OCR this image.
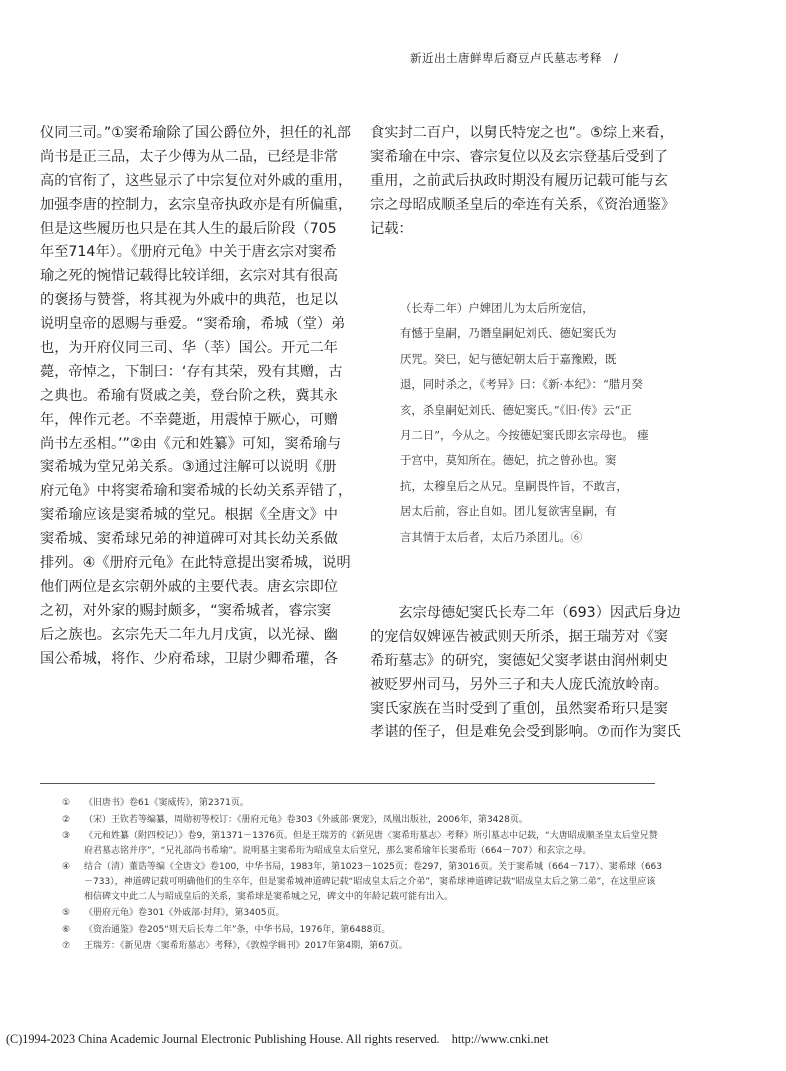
新近出土唐鲜卑后裔豆卢氏墓志考释　/
仪同三司。”①窦希瑜除了国公爵位外，担任的礼部
尚书是正三品，太子少傅为从二品，已经是非常
高的官衔了，这些显示了中宗复位对外戚的重用，
加强李唐的控制力，玄宗皇帝执政亦是有所偏重，
但是这些履历也只是在其人生的最后阶段（705
年至714年）。《册府元龟》中关于唐玄宗对窦希
瑜之死的惋惜记载得比较详细，玄宗对其有很高
的褒扬与赞誉，将其视为外戚中的典范，也足以
说明皇帝的恩赐与垂爱。“窦希瑜，希城（堂）弟
也，为开府仪同三司、华（莘）国公。开元二年
薨，帝悼之，下制曰：‘存有其荣，殁有其赠，古
之典也。希瑜有贤戚之美，登台阶之秩，冀其永
年，俾作元老。不幸薨逝，用震悼于厥心，可赠
尚书左丞相。’”②由《元和姓纂》可知，窦希瑜与
窦希城为堂兄弟关系。③通过注解可以说明《册
府元龟》中将窦希瑜和窦希城的长幼关系弄错了，
窦希瑜应该是窦希城的堂兄。根据《全唐文》中
窦希城、窦希球兄弟的神道碑可对其长幼关系做
排列。④《册府元龟》在此特意提出窦希城，说明
他们两位是玄宗朝外戚的主要代表。唐玄宗即位
之初，对外家的赐封颇多，“窦希城者，睿宗窦
后之族也。玄宗先天二年九月戊寅，以光禄、幽
国公希城，将作、少府希球，卫尉少卿希瓘，各
食实封二百户，以舅氏特宠之也”。⑤综上来看，
窦希瑜在中宗、睿宗复位以及玄宗登基后受到了
重用，之前武后执政时期没有履历记载可能与玄
宗之母昭成顺圣皇后的牵连有关系，《资治通鉴》
记载：
（长寿二年）户婢团儿为太后所宠信，
有憾于皇嗣，乃谮皇嗣妃刘氏、德妃窦氏为
厌咒。癸巳，妃与德妃朝太后于嘉豫殿，既
退，同时杀之，《考异》曰：《新·本纪》：“腊月癸
亥，杀皇嗣妃刘氏、德妃窦氏。”《旧·传》云“正
月二日”，今从之。今按德妃窦氏即玄宗母也。 瘗
于宫中，莫知所在。德妃，抗之曾孙也。窦
抗，太穆皇后之从兄。皇嗣畏忤旨，不敢言，
居太后前，容止自如。团儿复欲害皇嗣，有
言其情于太后者，太后乃杀团儿。⑥
　　玄宗母德妃窦氏长寿二年（693）因武后身边
的宠信奴婢诬告被武则天所杀，据王瑞芳对《窦
希珩墓志》的研究，窦德妃父窦孝谌由润州刺史
被贬罗州司马，另外三子和夫人庞氏流放岭南。
窦氏家族在当时受到了重创，虽然窦希珩只是窦
孝谌的侄子，但是难免会受到影响。⑦而作为窦氏
①	《旧唐书》卷61《窦威传》，第2371页。
②	（宋）王钦若等编纂，周勋初等校订：《册府元龟》卷303《外戚部·褒宠》，凤凰出版社，2006年，第3428页。
③	《元和姓纂（附四校记）》卷9，第1371－1376页。但是王瑞芳的《新见唐〈窦希珩墓志〉考释》所引墓志中记载，“大唐昭成顺圣皇太后堂兄赞府君墓志铭并序”，“兄礼部尚书希瑜”。说明墓主窦希珩为昭成皇太后堂兄，那么窦希瑜年长窦希珩（664－707）和玄宗之母。
④	结合（清）董诰等编《全唐文》卷100，中华书局，1983年，第1023－1025页；卷297，第3016页。关于窦希城（664－717）、窦希球（663－733），神道碑记载可明确他们的生卒年，但是窦希城神道碑记载“昭成皇太后之介弟”，窦希球神道碑记载“昭成皇太后之第二弟”，在这里应该相信碑文中此二人与昭成皇后的关系，窦希球是窦希城之兄，碑文中的年龄记载可能有出入。
⑤	《册府元龟》卷301《外戚部·封拜》，第3405页。
⑥	《资治通鉴》卷205“则天后长寿二年”条，中华书局，1976年，第6488页。
⑦	王瑞芳：《新见唐〈窦希珩墓志〉考释》，《敦煌学辑刊》2017年第4期，第67页。
(C)1994-2023 China Academic Journal Electronic Publishing House. All rights reserved.　http://www.cnki.net
